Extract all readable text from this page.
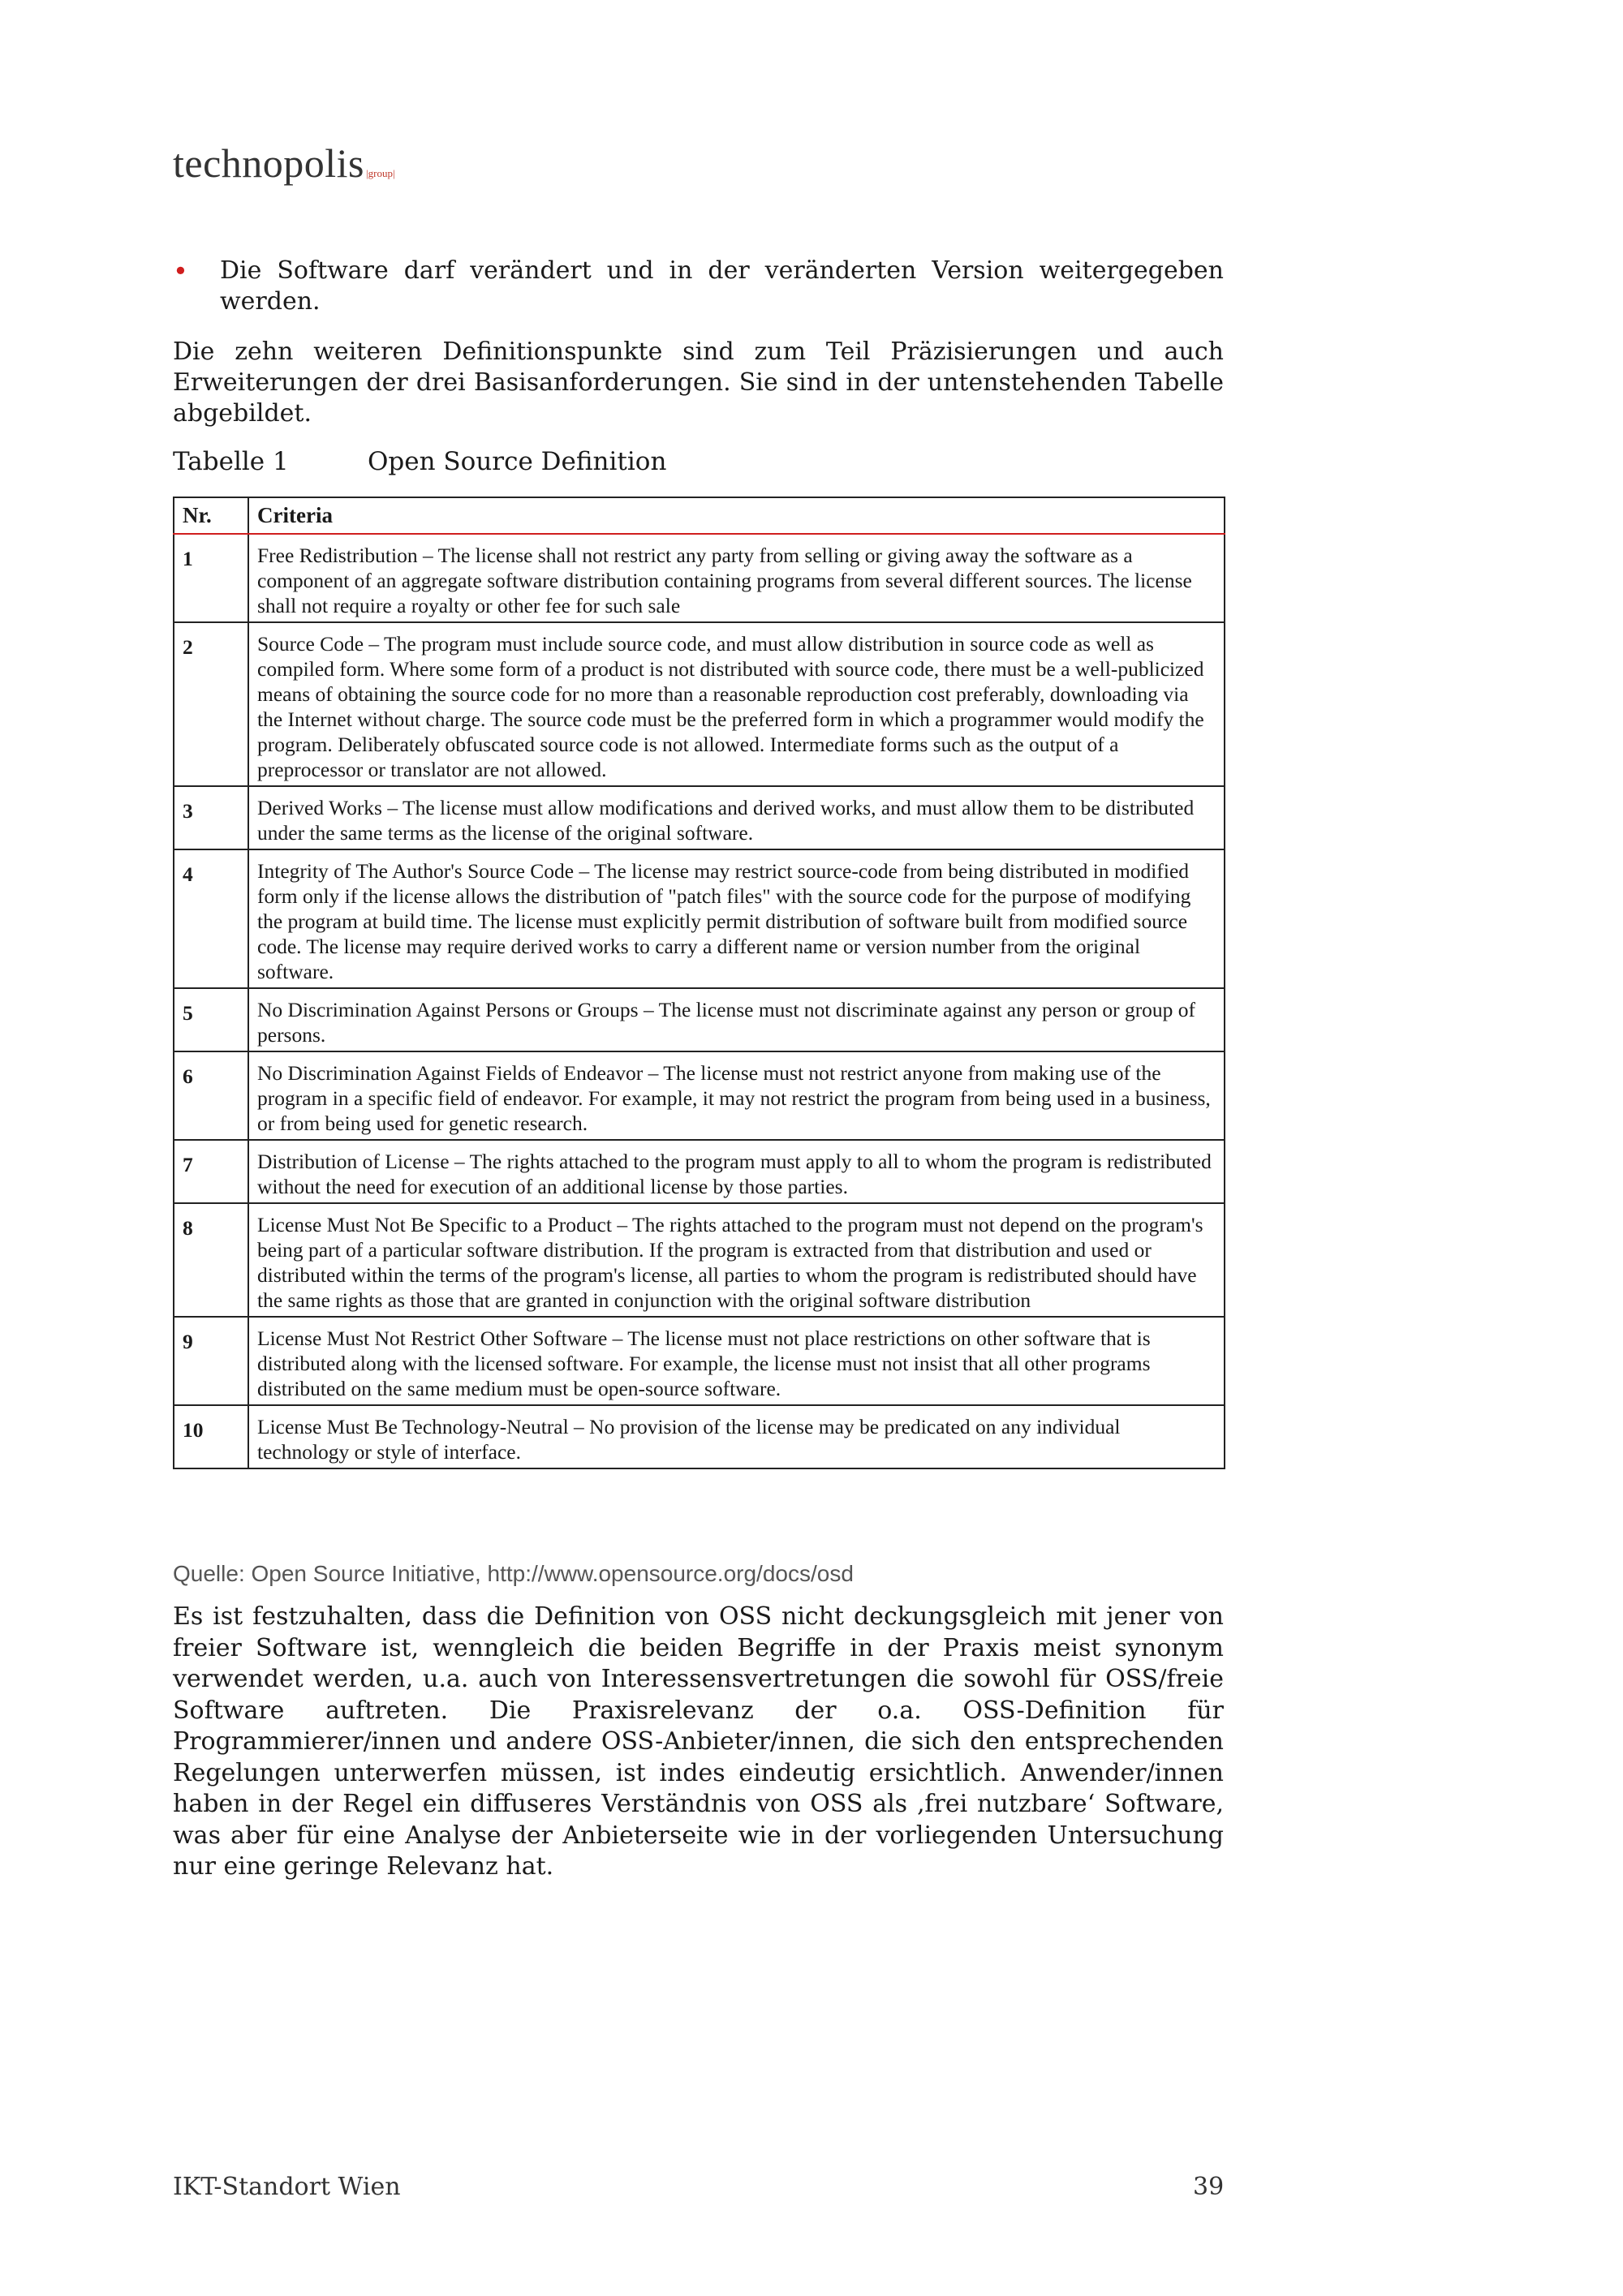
technopolis |group|
• Die Software darf verändert und in der veränderten Version weitergegeben werden.
Die zehn weiteren Definitionspunkte sind zum Teil Präzisierungen und auch Erweiterungen der drei Basisanforderungen. Sie sind in der untenstehenden Tabelle abgebildet.
Tabelle 1	Open Source Definition
Nr.	Criteria
1	Free Redistribution – The license shall not restrict any party from selling or giving away the software as a component of an aggregate software distribution containing programs from several different sources. The license shall not require a royalty or other fee for such sale
2	Source Code – The program must include source code, and must allow distribution in source code as well as compiled form. Where some form of a product is not distributed with source code, there must be a well-publicized means of obtaining the source code for no more than a reasonable reproduction cost preferably, downloading via the Internet without charge. The source code must be the preferred form in which a programmer would modify the program. Deliberately obfuscated source code is not allowed. Intermediate forms such as the output of a preprocessor or translator are not allowed.
3	Derived Works – The license must allow modifications and derived works, and must allow them to be distributed under the same terms as the license of the original software.
4	Integrity of The Author's Source Code – The license may restrict source-code from being distributed in modified form only if the license allows the distribution of "patch files" with the source code for the purpose of modifying the program at build time. The license must explicitly permit distribution of software built from modified source code. The license may require derived works to carry a different name or version number from the original software.
5	No Discrimination Against Persons or Groups – The license must not discriminate against any person or group of persons.
6	No Discrimination Against Fields of Endeavor – The license must not restrict anyone from making use of the program in a specific field of endeavor. For example, it may not restrict the program from being used in a business, or from being used for genetic research.
7	Distribution of License – The rights attached to the program must apply to all to whom the program is redistributed without the need for execution of an additional license by those parties.
8	License Must Not Be Specific to a Product – The rights attached to the program must not depend on the program's being part of a particular software distribution. If the program is extracted from that distribution and used or distributed within the terms of the program's license, all parties to whom the program is redistributed should have the same rights as those that are granted in conjunction with the original software distribution
9	License Must Not Restrict Other Software – The license must not place restrictions on other software that is distributed along with the licensed software. For example, the license must not insist that all other programs distributed on the same medium must be open-source software.
10	License Must Be Technology-Neutral – No provision of the license may be predicated on any individual technology or style of interface.
Quelle: Open Source Initiative, http://www.opensource.org/docs/osd
Es ist festzuhalten, dass die Definition von OSS nicht deckungsgleich mit jener von freier Software ist, wenngleich die beiden Begriffe in der Praxis meist synonym verwendet werden, u.a. auch von Interessensvertretungen die sowohl für OSS/freie Software auftreten. Die Praxisrelevanz der o.a. OSS-Definition für Programmierer/innen und andere OSS-Anbieter/innen, die sich den entsprechenden Regelungen unterwerfen müssen, ist indes eindeutig ersichtlich. Anwender/innen haben in der Regel ein diffuseres Verständnis von OSS als ‚frei nutzbare‘ Software, was aber für eine Analyse der Anbieterseite wie in der vorliegenden Untersuchung nur eine geringe Relevanz hat.
IKT-Standort Wien	39
